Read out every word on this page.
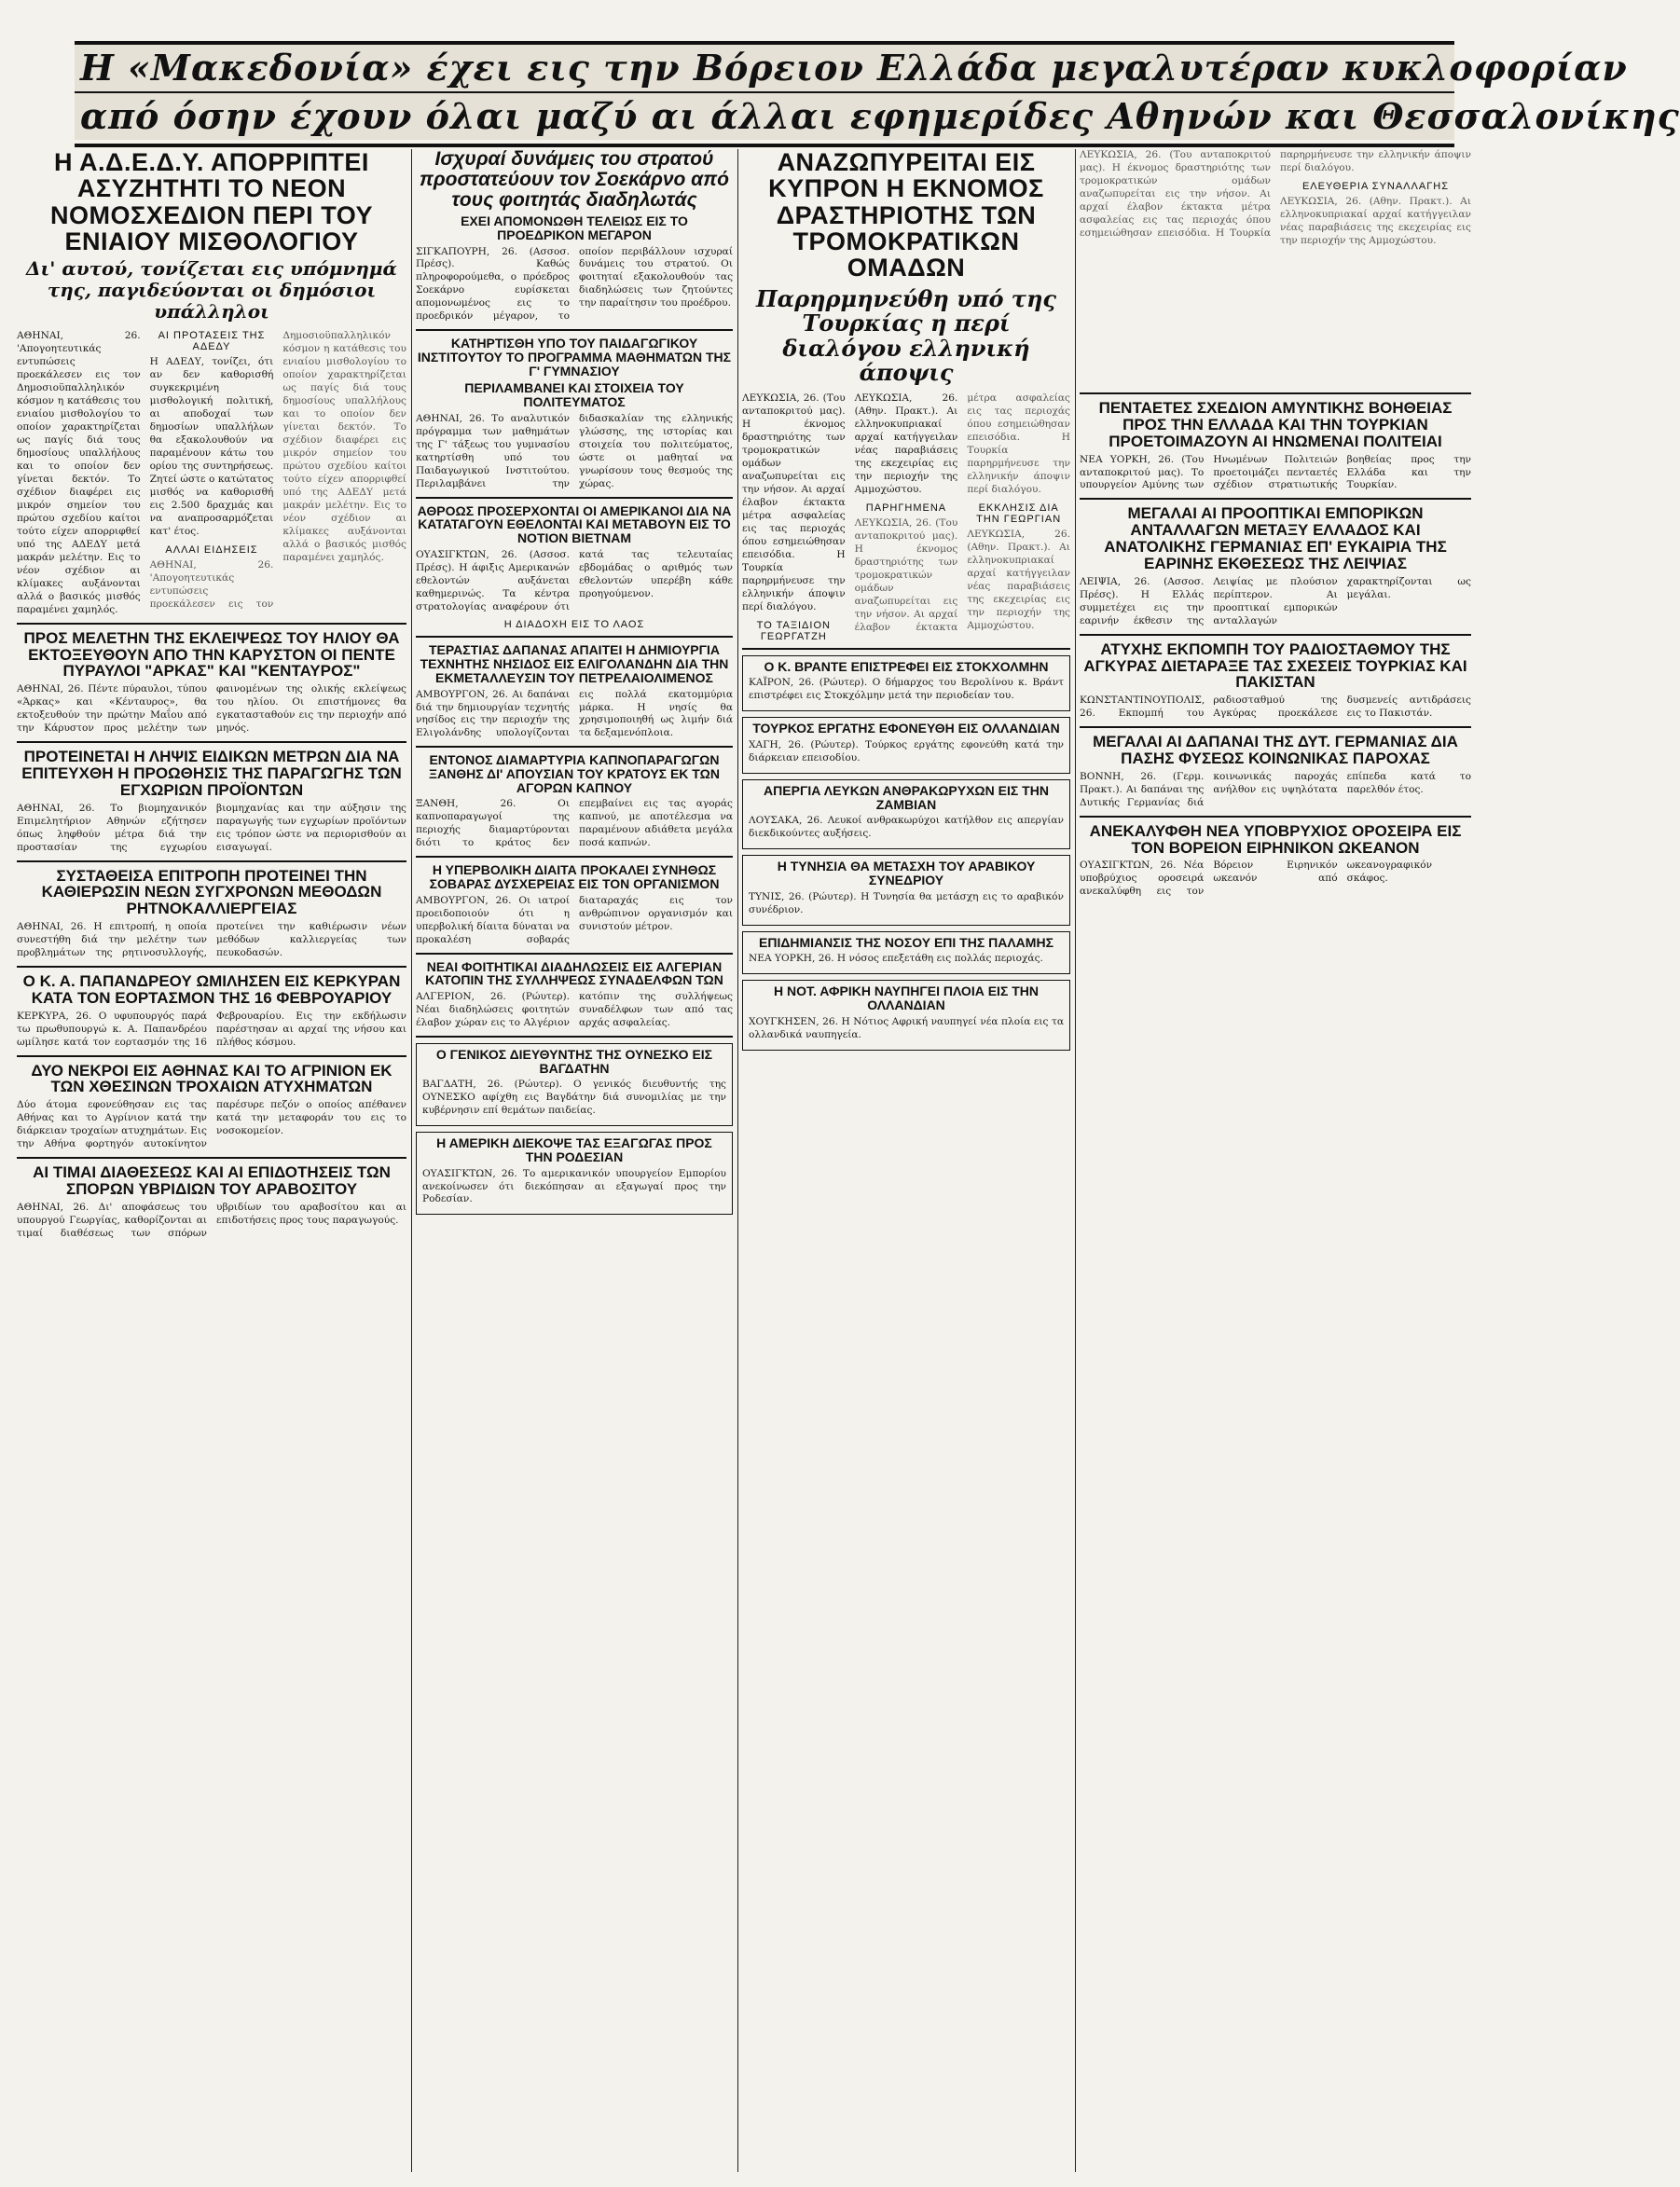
Η «Μακεδονία» έχει εις την Βόρειον Ελλάδα μεγαλυτέραν κυκλοφορίαν
από όσην έχουν όλαι μαζύ αι άλλαι εφημερίδες Αθηνών και Θεσσαλονίκης
Η Α.Δ.Ε.Δ.Υ. ΑΠΟΡΡΙΠΤΕΙ ΑΣΥΖΗΤΗΤΙ ΤΟ ΝΕΟΝ ΝΟΜΟΣΧΕΔΙΟΝ ΠΕΡΙ ΤΟΥ ΕΝΙΑΙΟΥ ΜΙΣΘΟΛΟΓΙΟΥ
Δι' αυτού, τονίζεται εις υπόμνημά της, παγιδεύονται οι δημόσιοι υπάλληλοι

ΑΘΗΝΑΙ, 26. 'Απογοητευτικάς εντυπώσεις προεκάλεσεν εις τον Δημοσιοϋπαλληλικόν κόσμον η κατάθεσις του ενιαίου μισθολογίου το οποίον χαρακτηρίζεται ως παγίς διά τους δημοσίους υπαλλήλους και το οποίον δεν γίνεται δεκτόν. Το σχέδιον διαφέρει εις μικρόν σημείον του πρώτου σχεδίου καίτοι τούτο είχεν απορριφθεί υπό της ΑΔΕΔΥ μετά μακράν μελέτην. Εις το νέον σχέδιον αι κλίμακες αυξάνονται αλλά ο βασικός μισθός παραμένει χαμηλός.

ΑΙ ΠΡΟΤΑΣΕΙΣ ΤΗΣ ΑΔΕΔΥ

Η ΑΔΕΔΥ, τονίζει, ότι αν δεν καθορισθή συγκεκριμένη μισθολογική πολιτική, αι αποδοχαί των δημοσίων υπαλλήλων θα εξακολουθούν να παραμένουν κάτω του ορίου της συντηρήσεως. Ζητεί ώστε ο κατώτατος μισθός να καθορισθή εις 2.500 δραχμάς και να αναπροσαρμόζεται κατ' έτος.

ΑΛΛΑΙ ΕΙΔΗΣΕΙΣ

ΑΘΗΝΑΙ, 26. 'Απογοητευτικάς εντυπώσεις προεκάλεσεν εις τον Δημοσιοϋπαλληλικόν κόσμον η κατάθεσις του ενιαίου μισθολογίου το οποίον χαρακτηρίζεται ως παγίς διά τους δημοσίους υπαλλήλους και το οποίον δεν γίνεται δεκτόν. Το σχέδιον διαφέρει εις μικρόν σημείον του πρώτου σχεδίου καίτοι τούτο είχεν απορριφθεί υπό της ΑΔΕΔΥ μετά μακράν μελέτην. Εις το νέον σχέδιον αι κλίμακες αυξάνονται αλλά ο βασικός μισθός παραμένει χαμηλός.

ΠΡΟΣ ΜΕΛΕΤΗΝ ΤΗΣ ΕΚΛΕΙΨΕΩΣ ΤΟΥ ΗΛΙΟΥ ΘΑ ΕΚΤΟΞΕΥΘΟΥΝ ΑΠΟ ΤΗΝ ΚΑΡΥΣΤΟΝ ΟΙ ΠΕΝΤΕ ΠΥΡΑΥΛΟΙ "ΑΡΚΑΣ" ΚΑΙ "ΚΕΝΤΑΥΡΟΣ"

ΑΘΗΝΑΙ, 26. Πέντε πύραυλοι, τύπου «Άρκας» και «Κένταυρος», θα εκτοξευθούν την πρώτην Μαΐου από την Κάρυστον προς μελέτην των φαινομένων της ολικής εκλείψεως του ηλίου. Οι επιστήμονες θα εγκατασταθούν εις την περιοχήν από μηνός.

ΠΡΟΤΕΙΝΕΤΑΙ Η ΛΗΨΙΣ ΕΙΔΙΚΩΝ ΜΕΤΡΩΝ ΔΙΑ ΝΑ ΕΠΙΤΕΥΧΘΗ Η ΠΡΟΩΘΗΣΙΣ ΤΗΣ ΠΑΡΑΓΩΓΗΣ ΤΩΝ ΕΓΧΩΡΙΩΝ ΠΡΟΪΟΝΤΩΝ

ΑΘΗΝΑΙ, 26. Το βιομηχανικόν Επιμελητήριον Αθηνών εζήτησεν όπως ληφθούν μέτρα διά την προστασίαν της εγχωρίου βιομηχανίας και την αύξησιν της παραγωγής των εγχωρίων προϊόντων εις τρόπον ώστε να περιορισθούν αι εισαγωγαί.

ΣΥΣΤΑΘΕΙΣΑ ΕΠΙΤΡΟΠΗ ΠΡΟΤΕΙΝΕΙ ΤΗΝ ΚΑΘΙΕΡΩΣΙΝ ΝΕΩΝ ΣΥΓΧΡΟΝΩΝ ΜΕΘΟΔΩΝ ΡΗΤΝΟΚΑΛΛΙΕΡΓΕΙΑΣ

ΑΘΗΝΑΙ, 26. Η επιτροπή, η οποία συνεστήθη διά την μελέτην των προβλημάτων της ρητινοσυλλογής, προτείνει την καθιέρωσιν νέων μεθόδων καλλιεργείας των πευκοδασών.

Ο Κ. Α. ΠΑΠΑΝΔΡΕΟΥ ΩΜΙΛΗΣΕΝ ΕΙΣ ΚΕΡΚΥΡΑΝ ΚΑΤΑ ΤΟΝ ΕΟΡΤΑΣΜΟΝ ΤΗΣ 16 ΦΕΒΡΟΥΑΡΙΟΥ

ΚΕΡΚΥΡΑ, 26. Ο υφυπουργός παρά τω πρωθυπουργώ κ. Α. Παπανδρέου ωμίλησε κατά τον εορτασμόν της 16 Φεβρουαρίου. Εις την εκδήλωσιν παρέστησαν αι αρχαί της νήσου και πλήθος κόσμου.

ΔΥΟ ΝΕΚΡΟΙ ΕΙΣ ΑΘΗΝΑΣ ΚΑΙ ΤΟ ΑΓΡΙΝΙΟΝ ΕΚ ΤΩΝ ΧΘΕΣΙΝΩΝ ΤΡΟΧΑΙΩΝ ΑΤΥΧΗΜΑΤΩΝ

Δύο άτομα εφονεύθησαν εις τας Αθήνας και το Αγρίνιον κατά την διάρκειαν τροχαίων ατυχημάτων. Εις την Αθήνα φορτηγόν αυτοκίνητον παρέσυρε πεζόν ο οποίος απέθανεν κατά την μεταφοράν του εις το νοσοκομείον.

ΑΙ ΤΙΜΑΙ ΔΙΑΘΕΣΕΩΣ ΚΑΙ ΑΙ ΕΠΙΔΟΤΗΣΕΙΣ ΤΩΝ ΣΠΟΡΩΝ ΥΒΡΙΔΙΩΝ ΤΟΥ ΑΡΑΒΟΣΙΤΟΥ

ΑΘΗΝΑΙ, 26. Δι' αποφάσεως του υπουργού Γεωργίας, καθορίζονται αι τιμαί διαθέσεως των σπόρων υβριδίων του αραβοσίτου και αι επιδοτήσεις προς τους παραγωγούς.

Ισχυραί δυνάμεις του στρατού προστατεύουν τον Σοεκάρνο από τους φοιτητάς διαδηλωτάς
ΕΧΕΙ ΑΠΟΜΟΝΩΘΗ ΤΕΛΕΙΩΣ ΕΙΣ ΤΟ ΠΡΟΕΔΡΙΚΟΝ ΜΕΓΑΡΟΝ

ΣΙΓΚΑΠΟΥΡΗ, 26. (Ασσοσ. Πρέσς). Καθώς πληροφορούμεθα, ο πρόεδρος Σοεκάρνο ευρίσκεται απομονωμένος εις το προεδρικόν μέγαρον, το οποίον περιβάλλουν ισχυραί δυνάμεις του στρατού. Οι φοιτηταί εξακολουθούν τας διαδηλώσεις των ζητούντες την παραίτησιν του προέδρου.

ΚΑΤΗΡΤΙΣΘΗ ΥΠΟ ΤΟΥ ΠΑΙΔΑΓΩΓΙΚΟΥ ΙΝΣΤΙΤΟΥΤΟΥ ΤΟ ΠΡΟΓΡΑΜΜΑ ΜΑΘΗΜΑΤΩΝ ΤΗΣ Γ' ΓΥΜΝΑΣΙΟΥ
ΠΕΡΙΛΑΜΒΑΝΕΙ ΚΑΙ ΣΤΟΙΧΕΙΑ ΤΟΥ ΠΟΛΙΤΕΥΜΑΤΟΣ

ΑΘΗΝΑΙ, 26. Το αναλυτικόν πρόγραμμα των μαθημάτων της Γ' τάξεως του γυμνασίου κατηρτίσθη υπό του Παιδαγωγικού Ινστιτούτου. Περιλαμβάνει την διδασκαλίαν της ελληνικής γλώσσης, της ιστορίας και στοιχεία του πολιτεύματος, ώστε οι μαθηταί να γνωρίσουν τους θεσμούς της χώρας.

ΑΘΡΟΩΣ ΠΡΟΣΕΡΧΟΝΤΑΙ ΟΙ ΑΜΕΡΙΚΑΝΟΙ ΔΙΑ ΝΑ ΚΑΤΑΤΑΓΟΥΝ ΕΘΕΛΟΝΤΑΙ ΚΑΙ ΜΕΤΑΒΟΥΝ ΕΙΣ ΤΟ ΝΟΤΙΟΝ ΒΙΕΤΝΑΜ

ΟΥΑΣΙΓΚΤΩΝ, 26. (Ασσοσ. Πρέσς). Η άφιξις Αμερικανών εθελοντών αυξάνεται καθημερινώς. Τα κέντρα στρατολογίας αναφέρουν ότι κατά τας τελευταίας εβδομάδας ο αριθμός των εθελοντών υπερέβη κάθε προηγούμενον.

Η ΔΙΑΔΟΧΗ ΕΙΣ ΤΟ ΛΑΟΣ
ΤΕΡΑΣΤΙΑΣ ΔΑΠΑΝΑΣ ΑΠΑΙΤΕΙ Η ΔΗΜΙΟΥΡΓΙΑ ΤΕΧΝΗΤΗΣ ΝΗΣΙΔΟΣ ΕΙΣ ΕΛΙΓΟΛΑΝΔΗΝ ΔΙΑ ΤΗΝ ΕΚΜΕΤΑΛΛΕΥΣΙΝ ΤΟΥ ΠΕΤΡΕΛΑΙΟΛΙΜΕΝΟΣ

ΑΜΒΟΥΡΓΟΝ, 26. Αι δαπάναι διά την δημιουργίαν τεχνητής νησίδος εις την περιοχήν της Ελιγολάνδης υπολογίζονται εις πολλά εκατομμύρια μάρκα. Η νησίς θα χρησιμοποιηθή ως λιμήν διά τα δεξαμενόπλοια.

ΕΝΤΟΝΟΣ ΔΙΑΜΑΡΤΥΡΙΑ ΚΑΠΝΟΠΑΡΑΓΩΓΩΝ ΞΑΝΘΗΣ ΔΙ' ΑΠΟΥΣΙΑΝ ΤΟΥ ΚΡΑΤΟΥΣ ΕΚ ΤΩΝ ΑΓΟΡΩΝ ΚΑΠΝΟΥ

ΞΑΝΘΗ, 26. Οι καπνοπαραγωγοί της περιοχής διαμαρτύρονται διότι το κράτος δεν επεμβαίνει εις τας αγοράς καπνού, με αποτέλεσμα να παραμένουν αδιάθετα μεγάλα ποσά καπνών.

Η ΥΠΕΡΒΟΛΙΚΗ ΔΙΑΙΤΑ ΠΡΟΚΑΛΕΙ ΣΥΝΗΘΩΣ ΣΟΒΑΡΑΣ ΔΥΣΧΕΡΕΙΑΣ ΕΙΣ ΤΟΝ ΟΡΓΑΝΙΣΜΟΝ

ΑΜΒΟΥΡΓΟΝ, 26. Οι ιατροί προειδοποιούν ότι η υπερβολική δίαιτα δύναται να προκαλέση σοβαράς διαταραχάς εις τον ανθρώπινον οργανισμόν και συνιστούν μέτρον.

ΝΕΑΙ ΦΟΙΤΗΤΙΚΑΙ ΔΙΑΔΗΛΩΣΕΙΣ ΕΙΣ ΑΛΓΕΡΙΑΝ ΚΑΤΟΠΙΝ ΤΗΣ ΣΥΛΛΗΨΕΩΣ ΣΥΝΑΔΕΛΦΩΝ ΤΩΝ

ΑΛΓΕΡΙΟΝ, 26. (Ρώυτερ). Νέαι διαδηλώσεις φοιτητών έλαβον χώραν εις το Αλγέριον κατόπιν της συλλήψεως συναδέλφων των από τας αρχάς ασφαλείας.

Ο ΓΕΝΙΚΟΣ ΔΙΕΥΘΥΝΤΗΣ ΤΗΣ ΟΥΝΕΣΚΟ ΕΙΣ ΒΑΓΔΑΤΗΝ

ΒΑΓΔΑΤΗ, 26. (Ρώυτερ). Ο γενικός διευθυντής της ΟΥΝΕΣΚΟ αφίχθη εις Βαγδάτην διά συνομιλίας με την κυβέρνησιν επί θεμάτων παιδείας.

Η ΑΜΕΡΙΚΗ ΔΙΕΚΟΨΕ ΤΑΣ ΕΞΑΓΩΓΑΣ ΠΡΟΣ ΤΗΝ ΡΟΔΕΣΙΑΝ

ΟΥΑΣΙΓΚΤΩΝ, 26. Το αμερικανικόν υπουργείον Εμπορίου ανεκοίνωσεν ότι διεκόπησαν αι εξαγωγαί προς την Ροδεσίαν.

ΑΝΑΖΩΠΥΡΕΙΤΑΙ ΕΙΣ ΚΥΠΡΟΝ Η ΕΚΝΟΜΟΣ ΔΡΑΣΤΗΡΙΟΤΗΣ ΤΩΝ ΤΡΟΜΟΚΡΑΤΙΚΩΝ ΟΜΑΔΩΝ
Παρηρμηνεύθη υπό της Τουρκίας η περί διαλόγου ελληνική άποψις

ΛΕΥΚΩΣΙΑ, 26. (Του ανταποκριτού μας). Η έκνομος δραστηριότης των τρομοκρατικών ομάδων αναζωπυρείται εις την νήσον. Αι αρχαί έλαβον έκτακτα μέτρα ασφαλείας εις τας περιοχάς όπου εσημειώθησαν επεισόδια. Η Τουρκία παρηρμήνευσε την ελληνικήν άποψιν περί διαλόγου.

ΤΟ ΤΑΞΙΔΙΟΝ ΓΕΩΡΓΑΤΖΗ

ΛΕΥΚΩΣΙΑ, 26. (Αθην. Πρακτ.). Αι ελληνοκυπριακαί αρχαί κατήγγειλαν νέας παραβιάσεις της εκεχειρίας εις την περιοχήν της Αμμοχώστου.

ΠΑΡΗΓΗΜΕΝΑ

ΛΕΥΚΩΣΙΑ, 26. (Του ανταποκριτού μας). Η έκνομος δραστηριότης των τρομοκρατικών ομάδων αναζωπυρείται εις την νήσον. Αι αρχαί έλαβον έκτακτα μέτρα ασφαλείας εις τας περιοχάς όπου εσημειώθησαν επεισόδια. Η Τουρκία παρηρμήνευσε την ελληνικήν άποψιν περί διαλόγου.

ΕΚΚΛΗΣΙΣ ΔΙΑ ΤΗΝ ΓΕΩΡΓΙΑΝ

ΛΕΥΚΩΣΙΑ, 26. (Αθην. Πρακτ.). Αι ελληνοκυπριακαί αρχαί κατήγγειλαν νέας παραβιάσεις της εκεχειρίας εις την περιοχήν της Αμμοχώστου.

Ο Κ. ΒΡΑΝΤΕ ΕΠΙΣΤΡΕΦΕΙ ΕΙΣ ΣΤΟΚΧΟΛΜΗΝ

ΚΑΪΡΟΝ, 26. (Ρώυτερ). Ο δήμαρχος του Βερολίνου κ. Βράντ επιστρέφει εις Στοκχόλμην μετά την περιοδείαν του.

ΤΟΥΡΚΟΣ ΕΡΓΑΤΗΣ ΕΦΟΝΕΥΘΗ ΕΙΣ ΟΛΛΑΝΔΙΑΝ

ΧΑΓΗ, 26. (Ρώυτερ). Τούρκος εργάτης εφονεύθη κατά την διάρκειαν επεισοδίου.

ΑΠΕΡΓΙΑ ΛΕΥΚΩΝ ΑΝΘΡΑΚΩΡΥΧΩΝ ΕΙΣ ΤΗΝ ΖΑΜΒΙΑΝ

ΛΟΥΣΑΚΑ, 26. Λευκοί ανθρακωρύχοι κατήλθον εις απεργίαν διεκδικούντες αυξήσεις.

Η ΤΥΝΗΣΙΑ ΘΑ ΜΕΤΑΣΧΗ ΤΟΥ ΑΡΑΒΙΚΟΥ ΣΥΝΕΔΡΙΟΥ

ΤΥΝΙΣ, 26. (Ρώυτερ). Η Τυνησία θα μετάσχη εις το αραβικόν συνέδριον.

ΕΠΙΔΗΜΙΑΝΣΙΣ ΤΗΣ ΝΟΣΟΥ ΕΠΙ ΤΗΣ ΠΑΛΑΜΗΣ

ΝΕΑ ΥΟΡΚΗ, 26. Η νόσος επεξετάθη εις πολλάς περιοχάς.

Η ΝΟΤ. ΑΦΡΙΚΗ ΝΑΥΠΗΓΕΙ ΠΛΟΙΑ ΕΙΣ ΤΗΝ ΟΛΛΑΝΔΙΑΝ

ΧΟΥΓΚΗΣΕΝ, 26. Η Νότιος Αφρική ναυπηγεί νέα πλοία εις τα ολλανδικά ναυπηγεία.

ΛΕΥΚΩΣΙΑ, 26. (Του ανταποκριτού μας). Η έκνομος δραστηριότης των τρομοκρατικών ομάδων αναζωπυρείται εις την νήσον. Αι αρχαί έλαβον έκτακτα μέτρα ασφαλείας εις τας περιοχάς όπου εσημειώθησαν επεισόδια. Η Τουρκία παρηρμήνευσε την ελληνικήν άποψιν περί διαλόγου.

ΕΛΕΥΘΕΡΙΑ ΣΥΝΑΛΛΑΓΗΣ

ΛΕΥΚΩΣΙΑ, 26. (Αθην. Πρακτ.). Αι ελληνοκυπριακαί αρχαί κατήγγειλαν νέας παραβιάσεις της εκεχειρίας εις την περιοχήν της Αμμοχώστου.

ΠΕΝΤΑΕΤΕΣ ΣΧΕΔΙΟΝ ΑΜΥΝΤΙΚΗΣ ΒΟΗΘΕΙΑΣ ΠΡΟΣ ΤΗΝ ΕΛΛΑΔΑ ΚΑΙ ΤΗΝ ΤΟΥΡΚΙΑΝ ΠΡΟΕΤΟΙΜΑΖΟΥΝ ΑΙ ΗΝΩΜΕΝΑΙ ΠΟΛΙΤΕΙΑΙ

ΝΕΑ ΥΟΡΚΗ, 26. (Του ανταποκριτού μας). Το υπουργείον Αμύνης των Ηνωμένων Πολιτειών προετοιμάζει πενταετές σχέδιον στρατιωτικής βοηθείας προς την Ελλάδα και την Τουρκίαν.

ΜΕΓΑΛΑΙ ΑΙ ΠΡΟΟΠΤΙΚΑΙ ΕΜΠΟΡΙΚΩΝ ΑΝΤΑΛΛΑΓΩΝ ΜΕΤΑΞΥ ΕΛΛΑΔΟΣ ΚΑΙ ΑΝΑΤΟΛΙΚΗΣ ΓΕΡΜΑΝΙΑΣ ΕΠ' ΕΥΚΑΙΡΙΑ ΤΗΣ ΕΑΡΙΝΗΣ ΕΚΘΕΣΕΩΣ ΤΗΣ ΛΕΙΨΙΑΣ

ΛΕΙΨΙΑ, 26. (Ασσοσ. Πρέσς). Η Ελλάς συμμετέχει εις την εαρινήν έκθεσιν της Λειψίας με πλούσιον περίπτερον. Αι προοπτικαί εμπορικών ανταλλαγών χαρακτηρίζονται ως μεγάλαι.

ΑΤΥΧΗΣ ΕΚΠΟΜΠΗ ΤΟΥ ΡΑΔΙΟΣΤΑΘΜΟΥ ΤΗΣ ΑΓΚΥΡΑΣ ΔΙΕΤΑΡΑΞΕ ΤΑΣ ΣΧΕΣΕΙΣ ΤΟΥΡΚΙΑΣ ΚΑΙ ΠΑΚΙΣΤΑΝ

ΚΩΝΣΤΑΝΤΙΝΟΥΠΟΛΙΣ, 26. Εκπομπή του ραδιοσταθμού της Αγκύρας προεκάλεσε δυσμενείς αντιδράσεις εις το Πακιστάν.

ΜΕΓΑΛΑΙ ΑΙ ΔΑΠΑΝΑΙ ΤΗΣ ΔΥΤ. ΓΕΡΜΑΝΙΑΣ ΔΙΑ ΠΑΣΗΣ ΦΥΣΕΩΣ ΚΟΙΝΩΝΙΚΑΣ ΠΑΡΟΧΑΣ

ΒΟΝΝΗ, 26. (Γερμ. Πρακτ.). Αι δαπάναι της Δυτικής Γερμανίας διά κοινωνικάς παροχάς ανήλθον εις υψηλότατα επίπεδα κατά το παρελθόν έτος.

ΑΝΕΚΑΛΥΦΘΗ ΝΕΑ ΥΠΟΒΡΥΧΙΟΣ ΟΡΟΣΕΙΡΑ ΕΙΣ ΤΟΝ ΒΟΡΕΙΟΝ ΕΙΡΗΝΙΚΟΝ ΩΚΕΑΝΟΝ

ΟΥΑΣΙΓΚΤΩΝ, 26. Νέα υποβρύχιος οροσειρά ανεκαλύφθη εις τον Βόρειον Ειρηνικόν ωκεανόν από ωκεανογραφικόν σκάφος.
